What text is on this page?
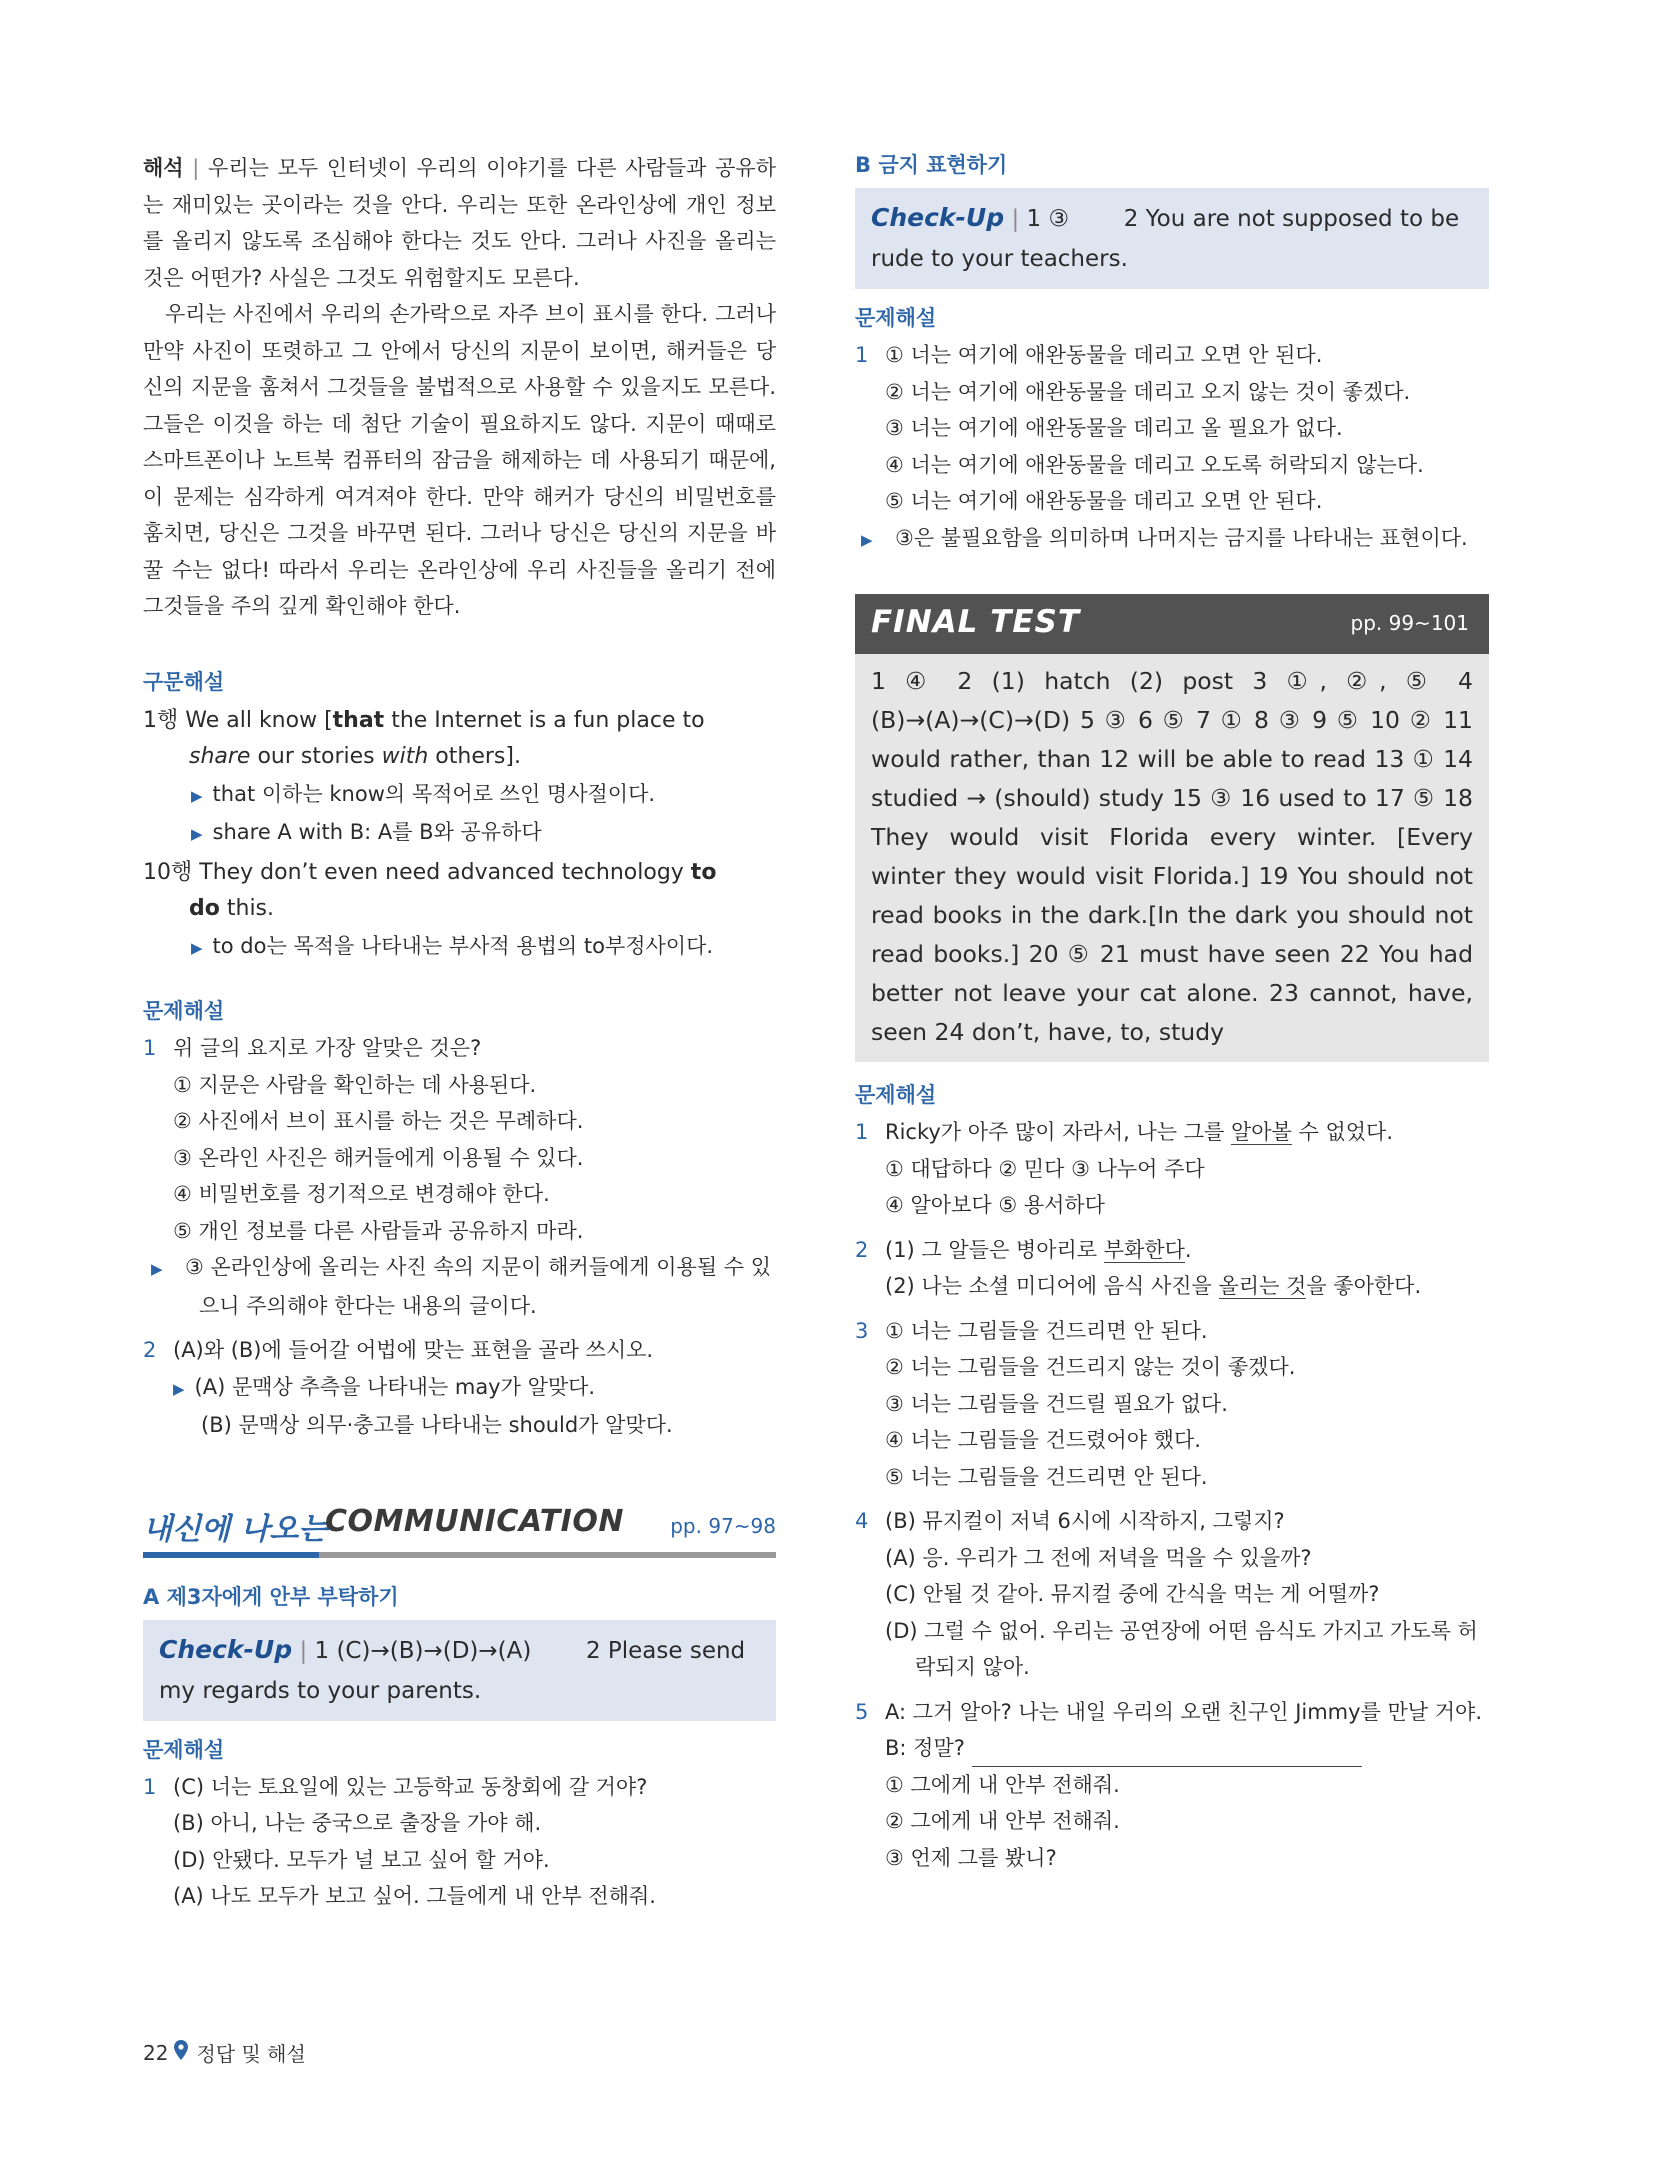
해석 | 우리는 모두 인터넷이 우리의 이야기를 다른 사람들과 공유하는 재미있는 곳이라는 것을 안다. 우리는 또한 온라인상에 개인 정보를 올리지 않도록 조심해야 한다는 것도 안다. 그러나 사진을 올리는 것은 어떤가? 사실은 그것도 위험할지도 모른다.

우리는 사진에서 우리의 손가락으로 자주 브이 표시를 한다. 그러나 만약 사진이 또렷하고 그 안에서 당신의 지문이 보이면, 해커들은 당신의 지문을 훔쳐서 그것들을 불법적으로 사용할 수 있을지도 모른다. 그들은 이것을 하는 데 첨단 기술이 필요하지도 않다. 지문이 때때로 스마트폰이나 노트북 컴퓨터의 잠금을 해제하는 데 사용되기 때문에, 이 문제는 심각하게 여겨져야 한다. 만약 해커가 당신의 비밀번호를 훔치면, 당신은 그것을 바꾸면 된다. 그러나 당신은 당신의 지문을 바꿀 수는 없다! 따라서 우리는 온라인상에 우리 사진들을 올리기 전에 그것들을 주의 깊게 확인해야 한다.

구문해설

1행 We all know [that the Internet is a fun place to
share our stories with others].
▶ that 이하는 know의 목적어로 쓰인 명사절이다.
▶ share A with B: A를 B와 공유하다
10행 They don’t even need advanced technology to
do this.
▶ to do는 목적을 나타내는 부사적 용법의 to부정사이다.

문제해설

1 위 글의 요지로 가장 알맞은 것은?
① 지문은 사람을 확인하는 데 사용된다.
② 사진에서 브이 표시를 하는 것은 무례하다.
③ 온라인 사진은 해커들에게 이용될 수 있다.
④ 비밀번호를 정기적으로 변경해야 한다.
⑤ 개인 정보를 다른 사람들과 공유하지 마라.
▶ ③ 온라인상에 올리는 사진 속의 지문이 해커들에게 이용될 수 있으니 주의해야 한다는 내용의 글이다.
2 (A)와 (B)에 들어갈 어법에 맞는 표현을 골라 쓰시오.
▶ (A) 문맥상 추측을 나타내는 may가 알맞다.
(B) 문맥상 의무·충고를 나타내는 should가 알맞다.
내신에 나오는
COMMUNICATION pp. 97~98

A 제3자에게 안부 부탁하기

Check-Up | 1 (C)→(B)→(D)→(A) 2 Please send my regards to your parents.

문제해설

1 (C) 너는 토요일에 있는 고등학교 동창회에 갈 거야?
(B) 아니, 나는 중국으로 출장을 가야 해.
(D) 안됐다. 모두가 널 보고 싶어 할 거야.
(A) 나도 모두가 보고 싶어. 그들에게 내 안부 전해줘.

B 금지 표현하기

Check-Up | 1 ③ 2 You are not supposed to be rude to your teachers.

문제해설

1 ① 너는 여기에 애완동물을 데리고 오면 안 된다.
② 너는 여기에 애완동물을 데리고 오지 않는 것이 좋겠다.
③ 너는 여기에 애완동물을 데리고 올 필요가 없다.
④ 너는 여기에 애완동물을 데리고 오도록 허락되지 않는다.
⑤ 너는 여기에 애완동물을 데리고 오면 안 된다.
▶ ③은 불필요함을 의미하며 나머지는 금지를 나타내는 표현이다.
FINAL TEST	pp. 99~101
1 ④ 2 (1) hatch (2) post 3 ①, ②, ⑤ 4 (B)→(A)→(C)→(D) 5 ③ 6 ⑤ 7 ① 8 ③ 9 ⑤ 10 ② 11 would rather, than 12 will be able to read 13 ① 14 studied → (should) study 15 ③ 16 used to 17 ⑤ 18 They would visit Florida every winter. [Every winter they would visit Florida.] 19 You should not read books in the dark.[In the dark you should not read books.] 20 ⑤ 21 must have seen 22 You had better not leave your cat alone. 23 cannot, have, seen 24 don’t, have, to, study

문제해설

1 Ricky가 아주 많이 자라서, 나는 그를 알아볼 수 없었다.
① 대답하다 ② 믿다 ③ 나누어 주다
④ 알아보다 ⑤ 용서하다
2 (1) 그 알들은 병아리로 부화한다.
(2) 나는 소셜 미디어에 음식 사진을 올리는 것을 좋아한다.
3 ① 너는 그림들을 건드리면 안 된다.
② 너는 그림들을 건드리지 않는 것이 좋겠다.
③ 너는 그림들을 건드릴 필요가 없다.
④ 너는 그림들을 건드렸어야 했다.
⑤ 너는 그림들을 건드리면 안 된다.
4 (B) 뮤지컬이 저녁 6시에 시작하지, 그렇지?
(A) 응. 우리가 그 전에 저녁을 먹을 수 있을까?
(C) 안될 것 같아. 뮤지컬 중에 간식을 먹는 게 어떨까?
(D) 그럴 수 없어. 우리는 공연장에 어떤 음식도 가지고 가도록 허락되지 않아.
5 A: 그거 알아? 나는 내일 우리의 오랜 친구인 Jimmy를 만날 거야.
B: 정말?
① 그에게 내 안부 전해줘.
② 그에게 내 안부 전해줘.
③ 언제 그를 봤니?
22 정답 및 해설
